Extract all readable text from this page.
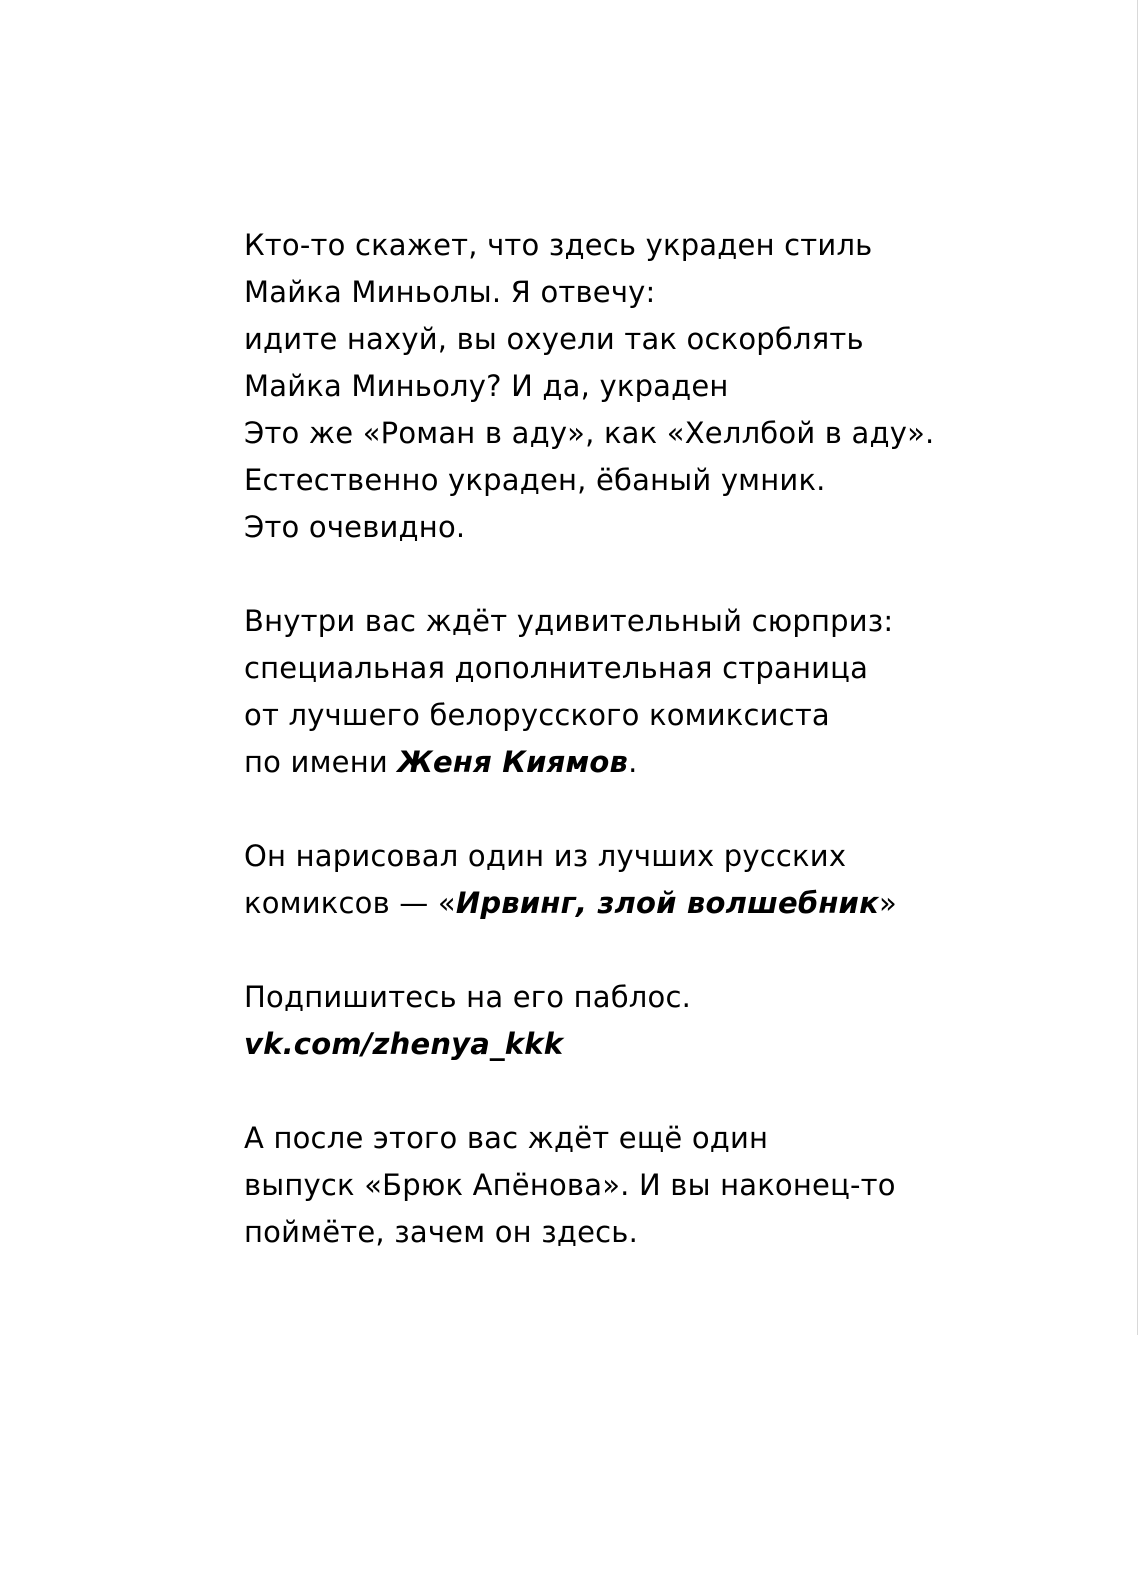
Кто-то скажет, что здесь украден стиль
Майка Миньолы. Я отвечу:
идите нахуй, вы охуели так оскорблять
Майка Миньолу? И да, украден
Это же «Роман в аду», как «Хеллбой в аду».
Естественно украден, ёбаный умник.
Это очевидно.
Внутри вас ждёт удивительный сюрприз:
специальная дополнительная страница
от лучшего белорусского комиксиста
по имени Женя Киямов.
Он нарисовал один из лучших русских
комиксов — «Ирвинг, злой волшебник»
Подпишитесь на его паблос.
vk.com/zhenya_kkk
А после этого вас ждёт ещё один
выпуск «Брюк Апёнова». И вы наконец-то
поймёте, зачем он здесь.
